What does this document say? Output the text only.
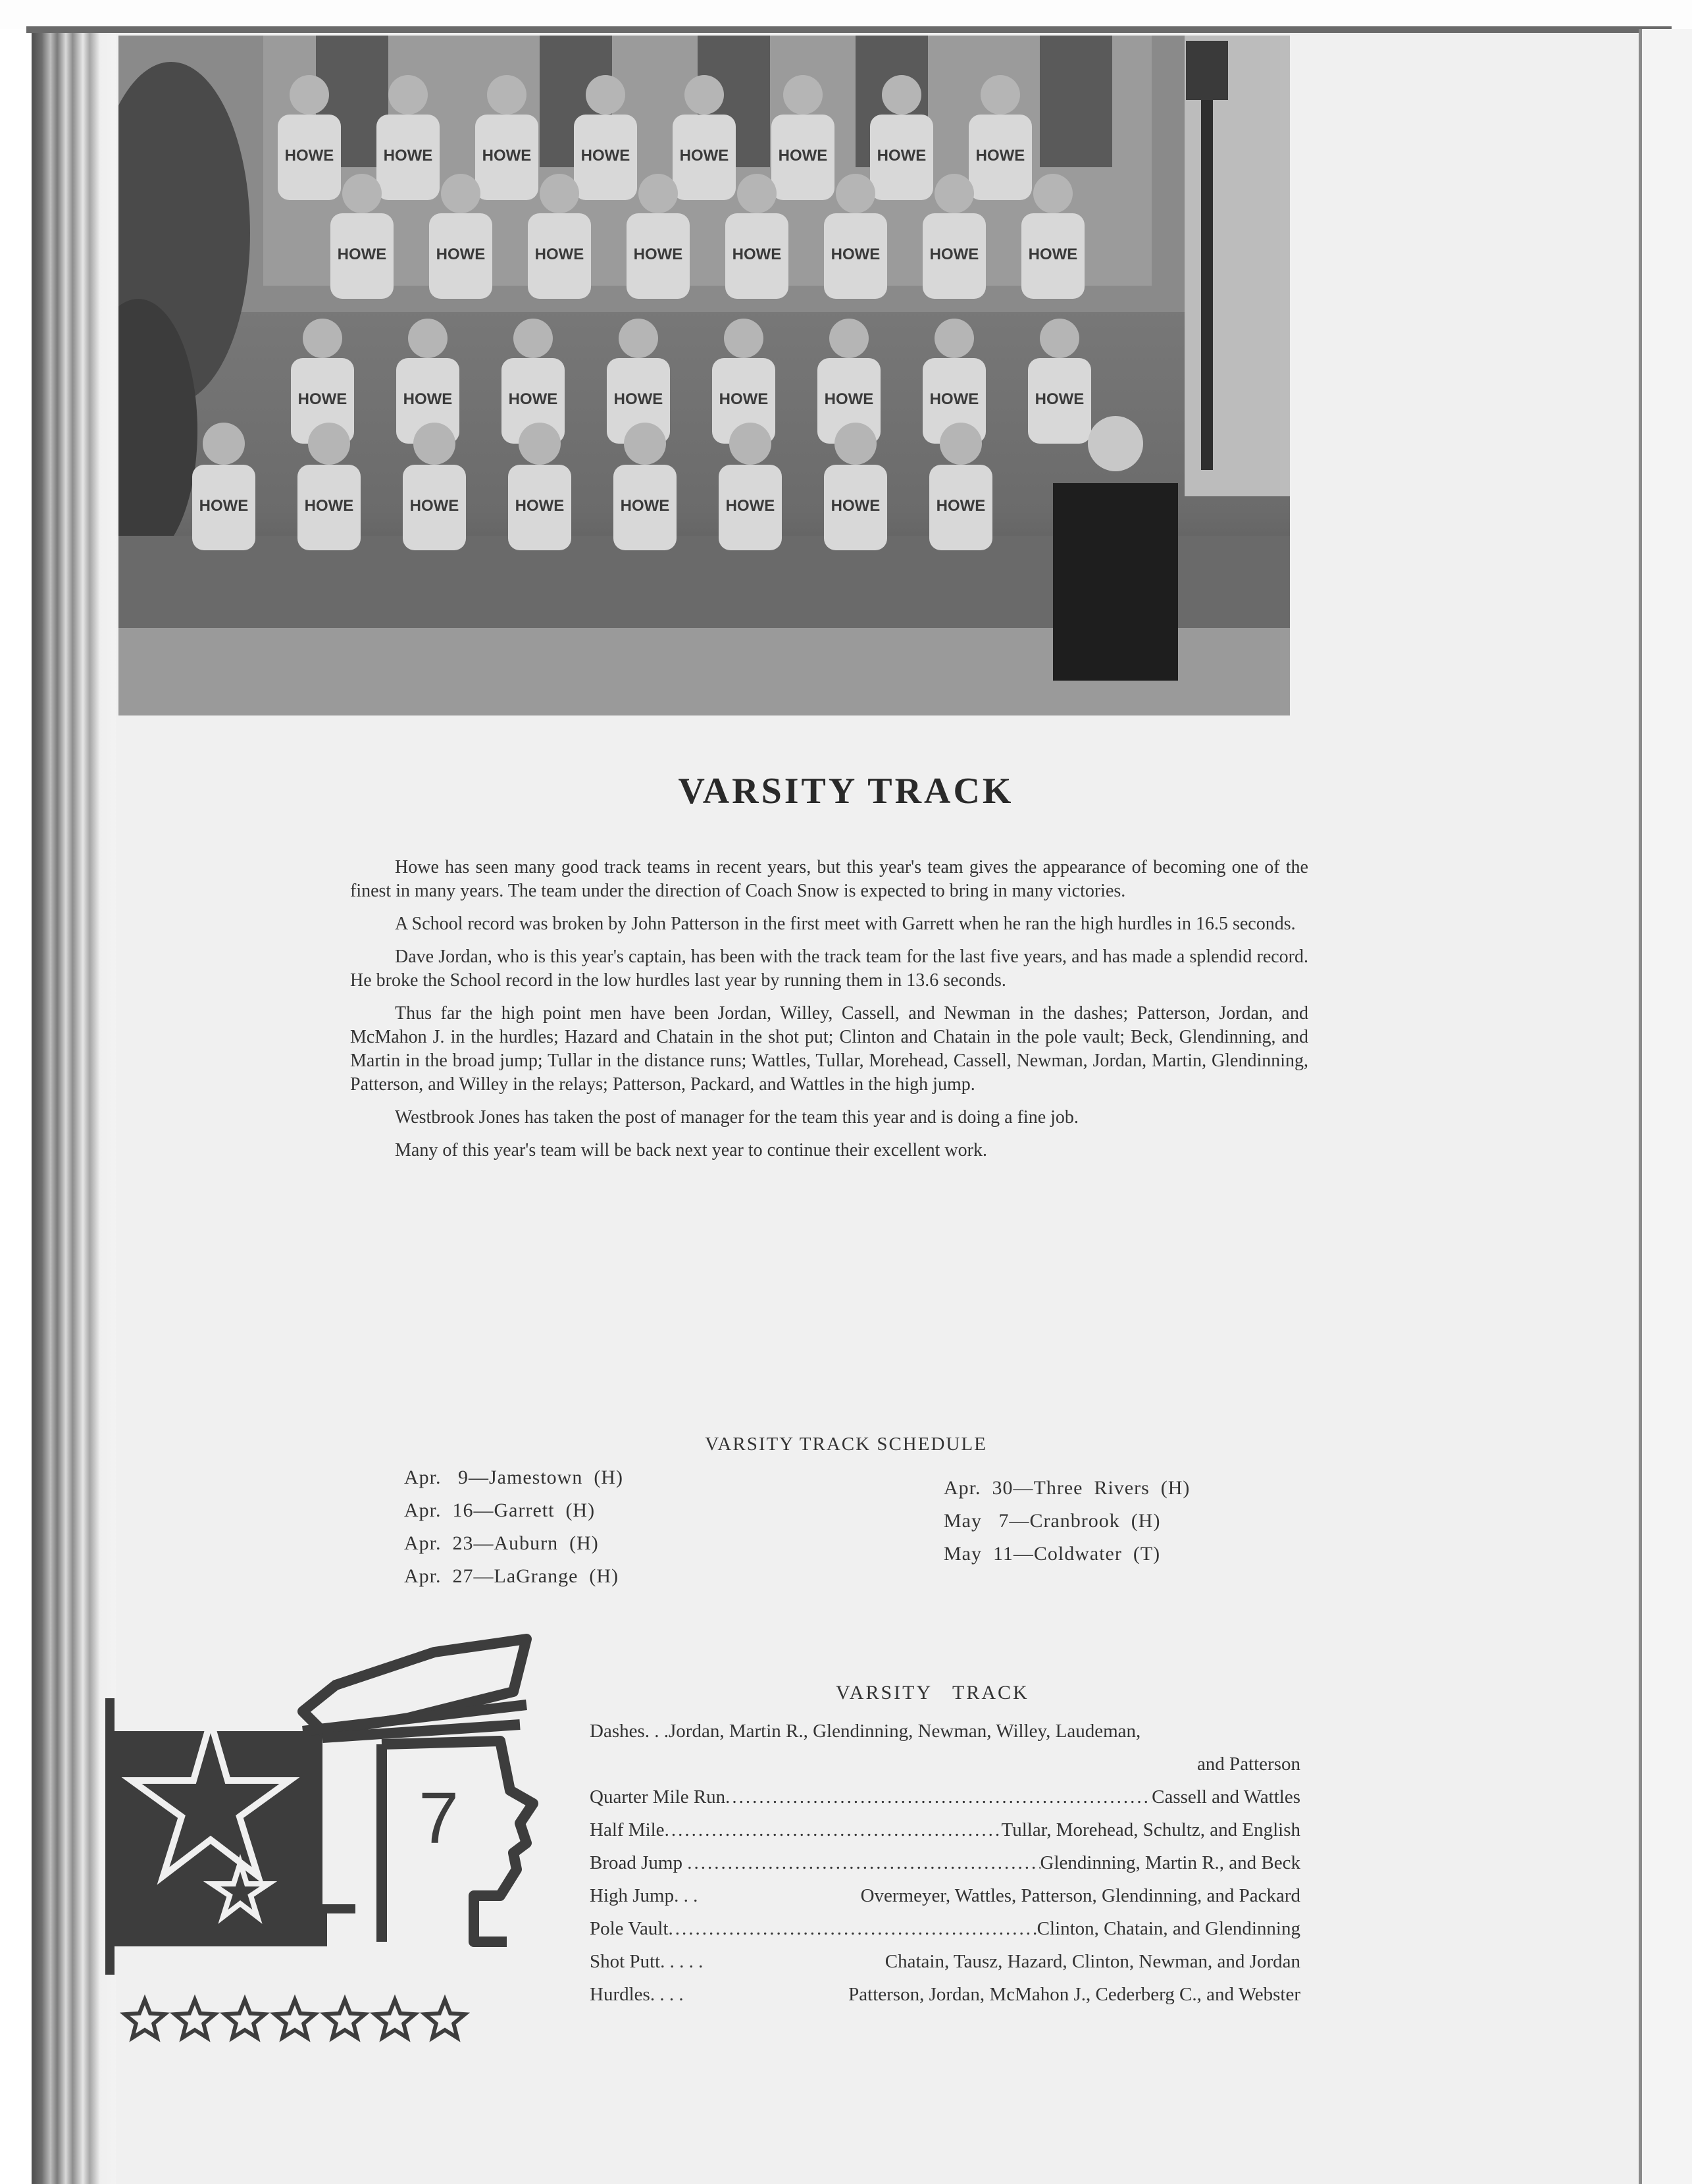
HOWE	HOWE	HOWE	HOWE	HOWE	HOWE	HOWE	HOWE
HOWE	HOWE	HOWE	HOWE	HOWE	HOWE	HOWE	HOWE
HOWE	HOWE	HOWE	HOWE	HOWE	HOWE	HOWE	HOWE
HOWE	HOWE	HOWE	HOWE	HOWE	HOWE	HOWE	HOWE
VARSITY TRACK

Howe has seen many good track teams in recent years, but this year's team gives the appearance of becoming one of the finest in many years. The team under the direction of Coach Snow is expected to bring in many victories.

A School record was broken by John Patterson in the first meet with Garrett when he ran the high hurdles in 16.5 seconds.

Dave Jordan, who is this year's captain, has been with the track team for the last five years, and has made a splendid record. He broke the School record in the low hurdles last year by running them in 13.6 seconds.

Thus far the high point men have been Jordan, Willey, Cassell, and Newman in the dashes; Patterson, Jordan, and McMahon J. in the hurdles; Hazard and Chatain in the shot put; Clinton and Chatain in the pole vault; Beck, Glendinning, and Martin in the broad jump; Tullar in the distance runs; Wattles, Tullar, Morehead, Cassell, Newman, Jordan, Martin, Glendinning, Patterson, and Willey in the relays; Patterson, Packard, and Wattles in the high jump.

Westbrook Jones has taken the post of manager for the team this year and is doing a fine job.

Many of this year's team will be back next year to continue their excellent work.

VARSITY TRACK SCHEDULE
Apr.   9—Jamestown  (H)
Apr.  16—Garrett  (H)
Apr.  23—Auburn  (H)
Apr.  27—LaGrange  (H)
Apr.  30—Three  Rivers  (H)
May   7—Cranbrook  (H)
May  11—Coldwater  (T)
VARSITY   TRACK
Dashes. . . Jordan, Martin R., Glendinning, Newman, Willey, Laudeman,
and Patterson
Quarter Mile Run .....	Cassell and Wattles
Half Mile .....	Tullar, Morehead, Schultz, and English
Broad Jump .....	Glendinning, Martin R., and Beck
High Jump. . .	Overmeyer, Wattles, Patterson, Glendinning, and Packard
Pole Vault .....	Clinton, Chatain, and Glendinning
Shot Putt. . . . .	Chatain, Tausz, Hazard, Clinton, Newman, and Jordan
Hurdles. . . .	Patterson, Jordan, McMahon J., Cederberg C., and Webster
7
